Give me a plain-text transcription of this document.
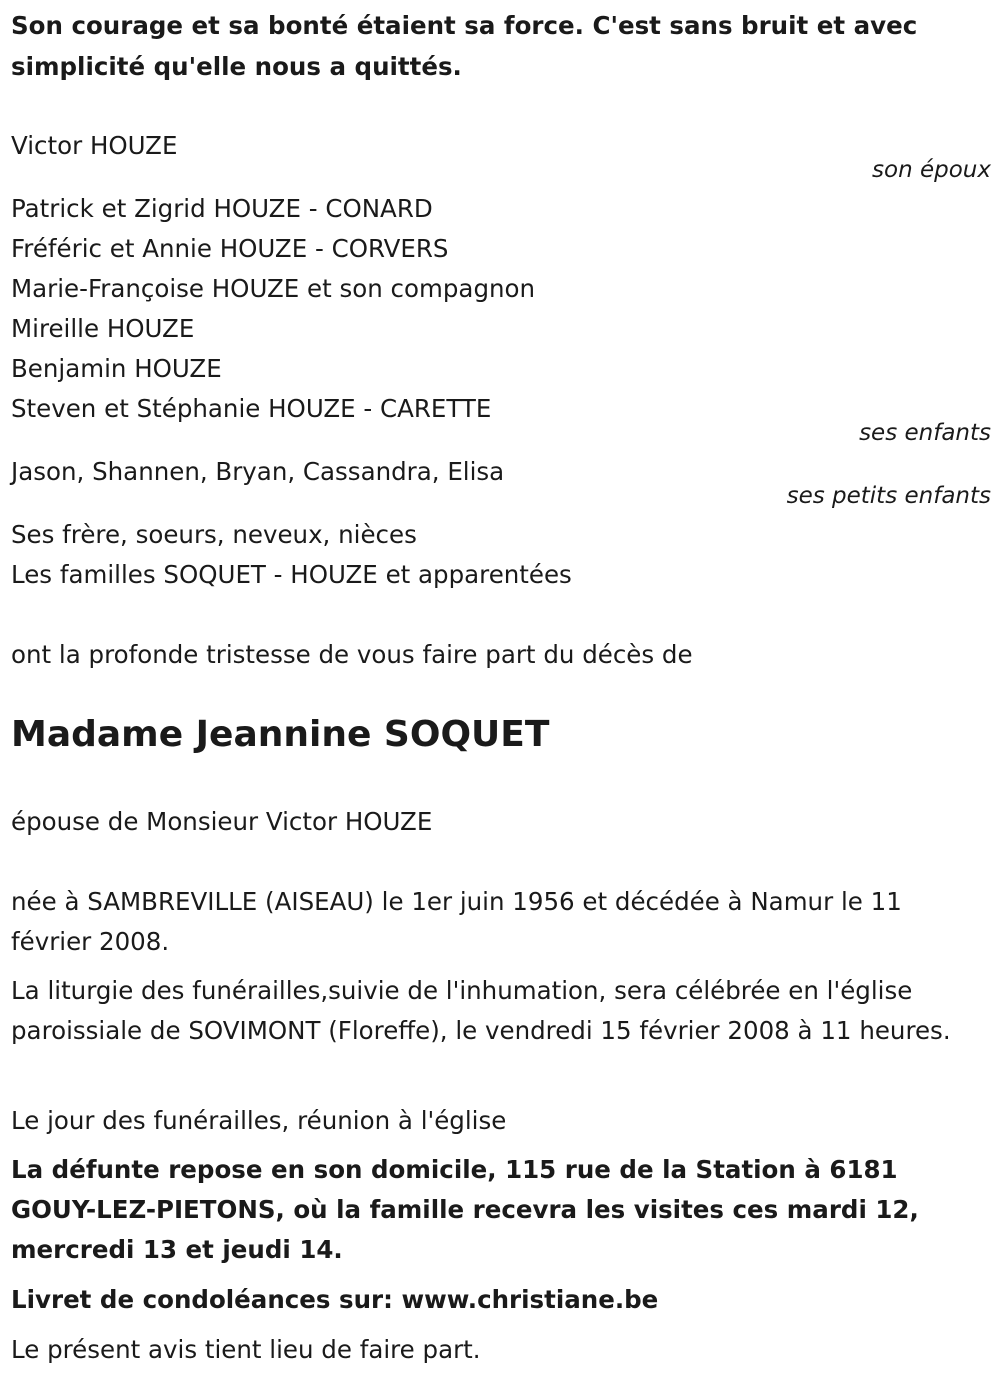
Son courage et sa bonté étaient sa force. C'est sans bruit et avec
simplicité qu'elle nous a quittés.
Victor HOUZE
son époux
Patrick et Zigrid HOUZE - CONARD
Fréféric et Annie HOUZE - CORVERS
Marie-Françoise HOUZE et son compagnon
Mireille HOUZE
Benjamin HOUZE
Steven et Stéphanie HOUZE - CARETTE
ses enfants
Jason, Shannen, Bryan, Cassandra, Elisa
ses petits enfants
Ses frère, soeurs, neveux, nièces
Les familles SOQUET - HOUZE et apparentées
ont la profonde tristesse de vous faire part du décès de
Madame Jeannine SOQUET
épouse de Monsieur Victor HOUZE
née à SAMBREVILLE (AISEAU) le 1er juin 1956 et décédée à Namur le 11 février 2008.
La liturgie des funérailles,suivie de l'inhumation, sera célébrée en l'église paroissiale de SOVIMONT (Floreffe), le vendredi 15 février 2008 à 11 heures.
Le jour des funérailles, réunion à l'église
La défunte repose en son domicile, 115 rue de la Station à 6181 GOUY-LEZ-PIETONS, où la famille recevra les visites ces mardi 12, mercredi 13 et jeudi 14.
Livret de condoléances sur: www.christiane.be
Le présent avis tient lieu de faire part.
